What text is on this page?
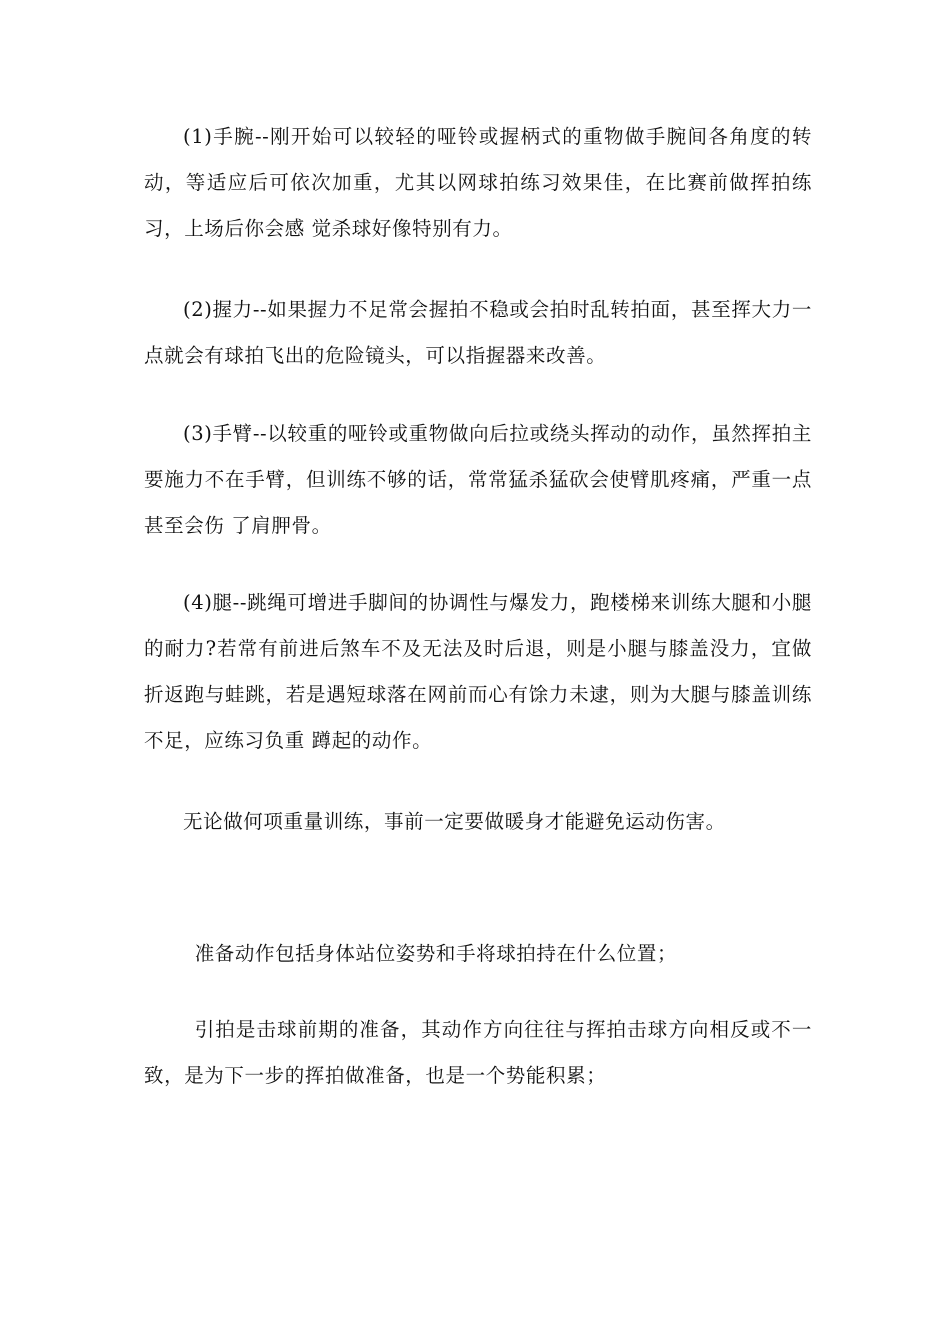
(1)手腕--刚开始可以较轻的哑铃或握柄式的重物做手腕间各角度的转动，等适应后可依次加重，尤其以网球拍练习效果佳，在比赛前做挥拍练习，上场后你会感 觉杀球好像特别有力。

(2)握力--如果握力不足常会握拍不稳或会拍时乱转拍面，甚至挥大力一点就会有球拍飞出的危险镜头，可以指握器来改善。

(3)手臂--以较重的哑铃或重物做向后拉或绕头挥动的动作，虽然挥拍主要施力不在手臂，但训练不够的话，常常猛杀猛砍会使臂肌疼痛，严重一点甚至会伤 了肩胛骨。

(4)腿--跳绳可增进手脚间的协调性与爆发力，跑楼梯来训练大腿和小腿的耐力?若常有前进后煞车不及无法及时后退，则是小腿与膝盖没力，宜做折返跑与蛙跳，若是遇短球落在网前而心有馀力未逮，则为大腿与膝盖训练不足，应练习负重 蹲起的动作。

无论做何项重量训练，事前一定要做暖身才能避免运动伤害。

准备动作包括身体站位姿势和手将球拍持在什么位置；

引拍是击球前期的准备，其动作方向往往与挥拍击球方向相反或不一致，是为下一步的挥拍做准备，也是一个势能积累；
